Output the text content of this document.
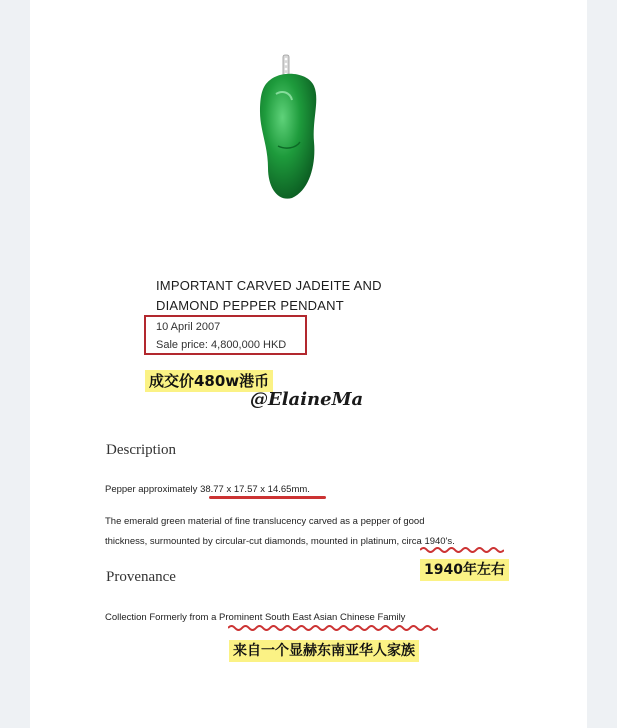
IMPORTANT CARVED JADEITE AND
DIAMOND PEPPER PENDANT
10 April 2007
Sale price: 4,800,000 HKD
成交价480w港币
@ElaineMa
Description
Pepper approximately 38.77 x 17.57 x 14.65mm.
The emerald green material of fine translucency carved as a pepper of good
thickness, surmounted by circular-cut diamonds, mounted in platinum, circa 1940's.
1940年左右
Provenance
Collection Formerly from a Prominent South East Asian Chinese Family
来自一个显赫东南亚华人家族
